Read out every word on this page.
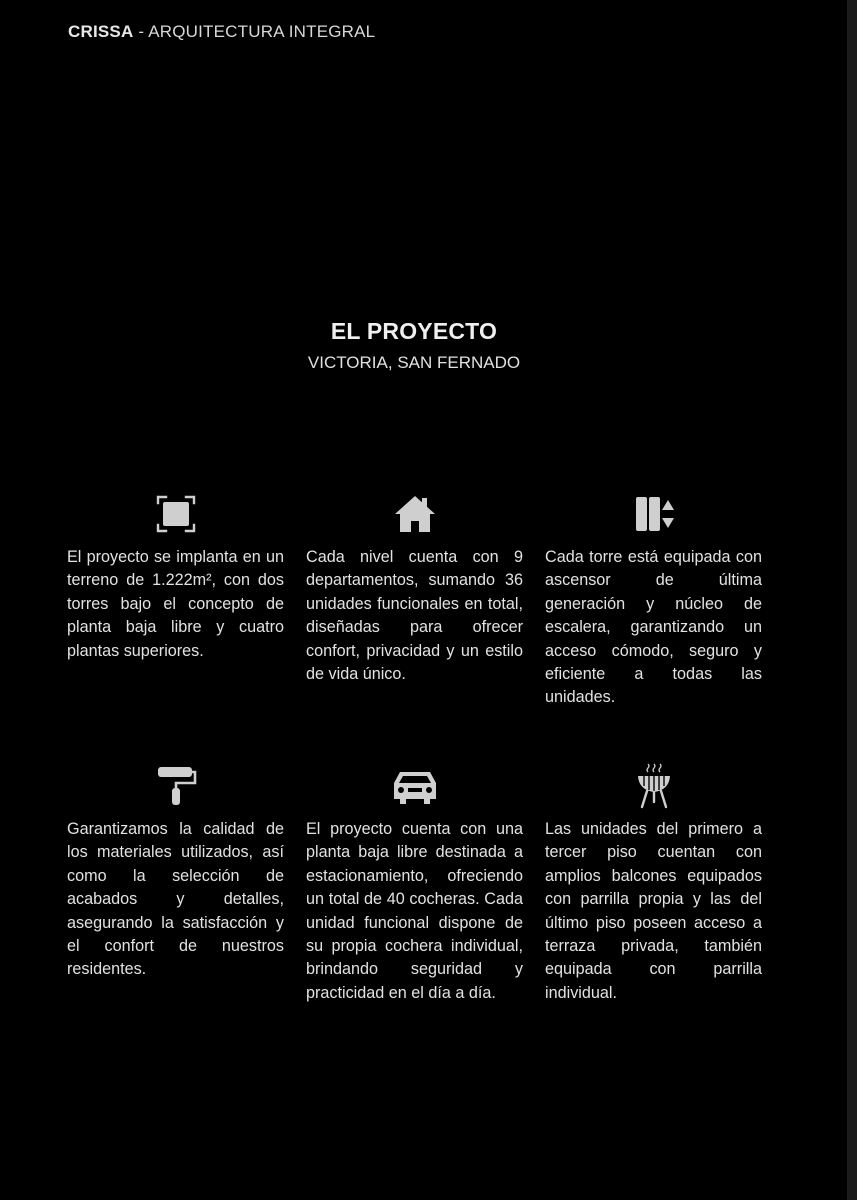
CRISSA - ARQUITECTURA INTEGRAL
EL PROYECTO
VICTORIA, SAN FERNADO
El proyecto se implanta en un terreno de 1.222m², con dos torres bajo el concepto de planta baja libre y cuatro plantas superiores.
Cada nivel cuenta con 9 departamentos, sumando 36 unidades funcionales en total, diseñadas para ofrecer confort, privacidad y un estilo de vida único.
Cada torre está equipada con ascensor de última generación y núcleo de escalera, garantizando un acceso cómodo, seguro y eficiente a todas las unidades.
Garantizamos la calidad de los materiales utilizados, así como la selección de acabados y detalles, asegurando la satisfacción y el confort de nuestros residentes.
El proyecto cuenta con una planta baja libre destinada a estacionamiento, ofreciendo un total de 40 cocheras. Cada unidad funcional dispone de su propia cochera individual, brindando seguridad y practicidad en el día a día.
Las unidades del primero a tercer piso cuentan con amplios balcones equipados con parrilla propia y las del último piso poseen acceso a terraza privada, también equipada con parrilla individual.
